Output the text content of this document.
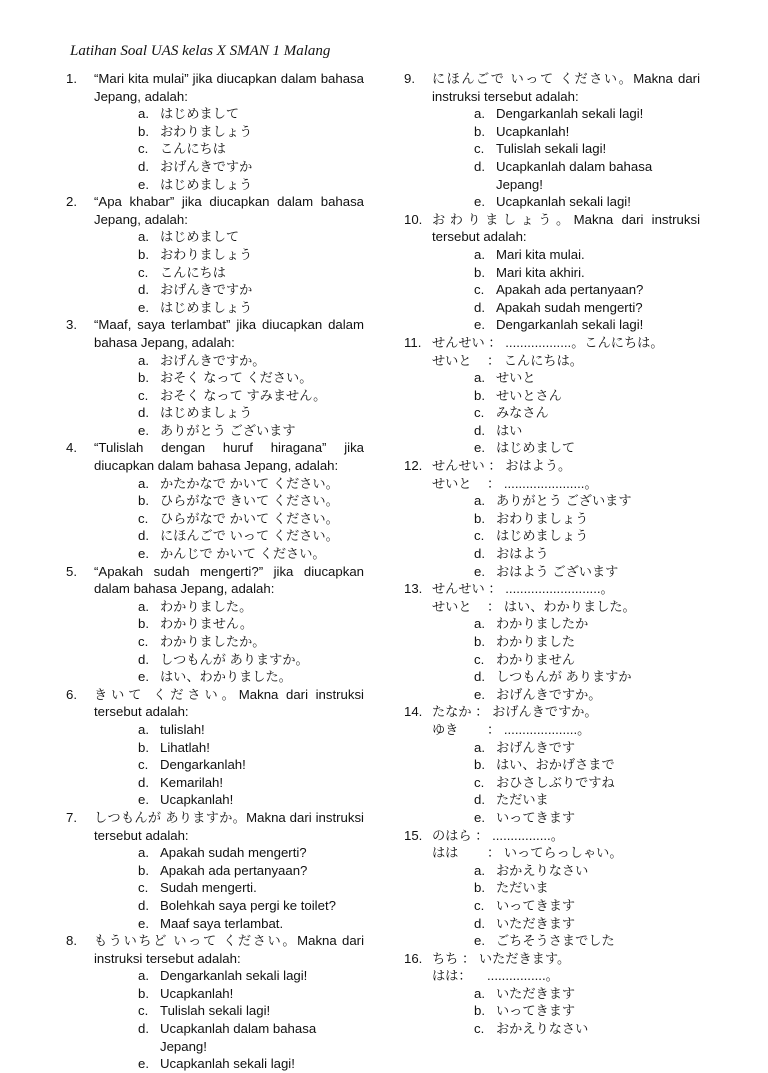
Latihan Soal UAS kelas X SMAN 1 Malang
1.	“Mari kita mulai” jika diucapkan dalam bahasa Jepang, adalah:
a. はじめまして
b. おわりましょう
c. こんにちは
d. おげんきですか
e. はじめましょう
2.	“Apa khabar” jika diucapkan dalam bahasa Jepang, adalah:
a. はじめまして
b. おわりましょう
c. こんにちは
d. おげんきですか
e. はじめましょう
3.	“Maaf, saya terlambat” jika diucapkan dalam bahasa Jepang, adalah:
a. おげんきですか。
b. おそく なって ください。
c. おそく なって すみません。
d. はじめましょう
e. ありがとう ございます
4.	“Tulislah dengan huruf hiragana” jika diucapkan dalam bahasa Jepang, adalah:
a. かたかなで かいて ください。
b. ひらがなで きいて ください。
c. ひらがなで かいて ください。
d. にほんごで いって ください。
e. かんじで かいて ください。
5.	“Apakah sudah mengerti?” jika diucapkan dalam bahasa Jepang, adalah:
a. わかりました。
b. わかりません。
c. わかりましたか。
d. しつもんが ありますか。
e. はい、わかりました。
6.	きいて ください。Makna dari instruksi tersebut adalah:
a. tulislah!
b. Lihatlah!
c. Dengarkanlah!
d. Kemarilah!
e. Ucapkanlah!
7.	しつもんが ありますか。Makna dari instruksi tersebut adalah:
a. Apakah sudah mengerti?
b. Apakah ada pertanyaan?
c. Sudah mengerti.
d. Bolehkah saya pergi ke toilet?
e. Maaf saya terlambat.
8.	もういちど いって ください。Makna dari instruksi tersebut adalah:
a. Dengarkanlah sekali lagi!
b. Ucapkanlah!
c. Tulislah sekali lagi!
d. Ucapkanlah dalam bahasa Jepang!
e. Ucapkanlah sekali lagi!
9.	にほんごで いって ください。Makna dari instruksi tersebut adalah:
a. Dengarkanlah sekali lagi!
b. Ucapkanlah!
c. Tulislah sekali lagi!
d. Ucapkanlah dalam bahasa Jepang!
e. Ucapkanlah sekali lagi!
10. おわりましょう。Makna dari instruksi tersebut adalah:
a. Mari kita mulai.
b. Mari kita akhiri.
c. Apakah ada pertanyaan?
d. Apakah sudah mengerti?
e. Dengarkanlah sekali lagi!
11. せんせい ： ..................。こんにちは。
せいと	： こんにちは。
a. せいと
b. せいとさん
c. みなさん
d. はい
e. はじめまして
12. せんせい ： おはよう。
せいと	： ......................。
a. ありがとう ございます
b. おわりましょう
c. はじめましょう
d. おはよう
e. おはよう ございます
13. せんせい ： ..........................。
せいと	： はい、わかりました。
a. わかりましたか
b. わかりました
c. わかりません
d. しつもんが ありますか
e. おげんきですか。
14. たなか ： おげんきですか。
ゆき	： ....................。
a. おげんきです
b. はい、おかげさまで
c. おひさしぶりですね
d. ただいま
e. いってきます
15. のはら ： ................。
はは	： いってらっしゃい。
a. おかえりなさい
b. ただいま
c. いってきます
d. いただきます
e. ごちそうさまでした
16. ちち ： いただきます。
はは：	................。
a. いただきます
b. いってきます
c. おかえりなさい
